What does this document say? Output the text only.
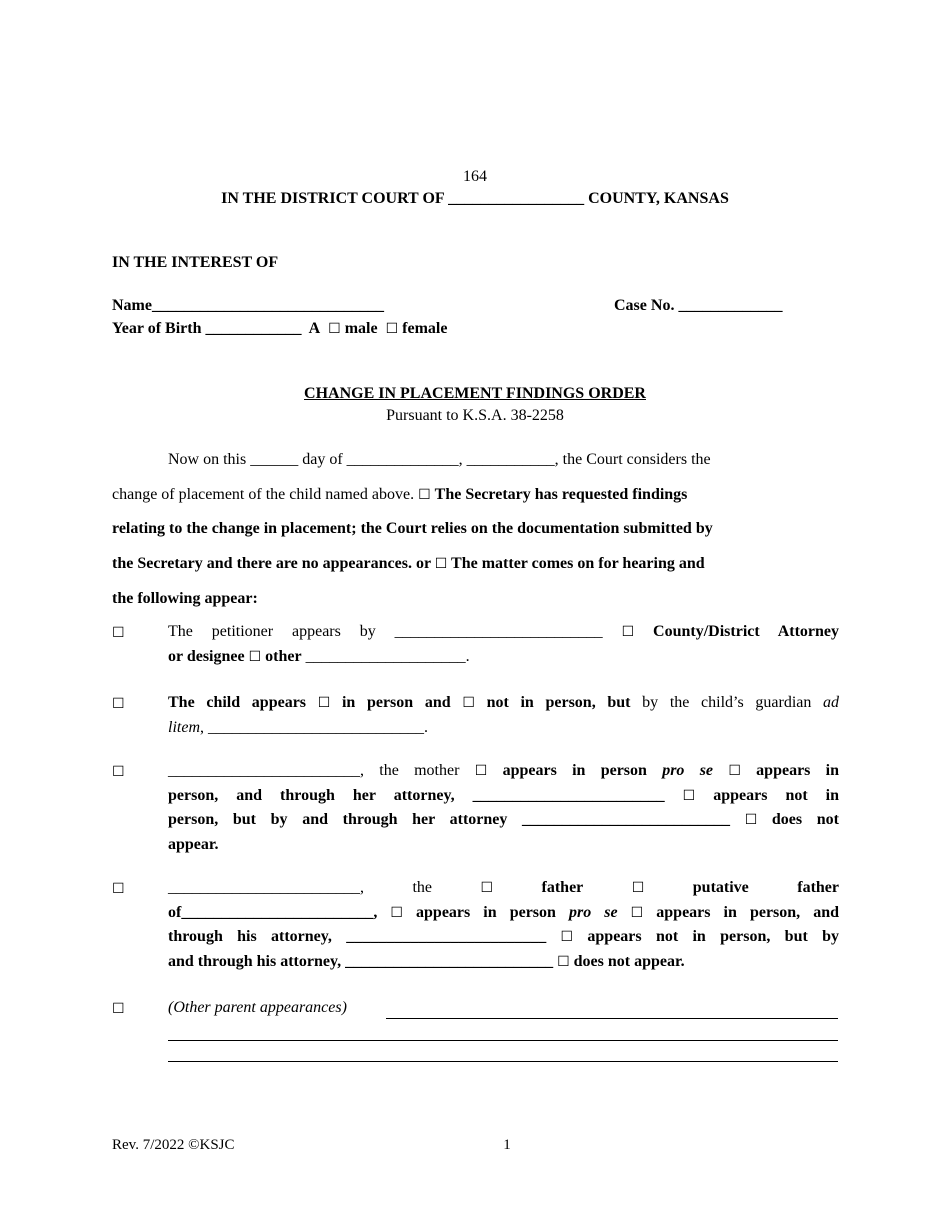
164
IN THE DISTRICT COURT OF _________________ COUNTY, KANSAS
IN THE INTEREST OF
Name_____________________________	Case No. _____________
Year of Birth ____________ A ☐ male ☐ female
CHANGE IN PLACEMENT FINDINGS ORDER
Pursuant to K.S.A. 38-2258
Now on this ______ day of ______________, ___________, the Court considers the
change of placement of the child named above. ☐ The Secretary has requested findings
relating to the change in placement; the Court relies on the documentation submitted by
the Secretary and there are no appearances. or ☐ The matter comes on for hearing and
the following appear:
☐	The petitioner appears by __________________________ ☐ County/District Attorney
or designee ☐ other ____________________.
☐	The child appears ☐ in person and ☐ not in person, but by the child’s guardian ad
litem, ___________________________.
☐	________________________, the mother ☐ appears in person pro se ☐ appears in
person, and through her attorney, ________________________ ☐ appears not in
person, but by and through her attorney __________________________ ☐ does not
appear.
☐	________________________,	the	☐	father	☐	putative	father
of________________________, ☐ appears in person pro se ☐ appears in person, and
through his attorney, _________________________ ☐ appears not in person, but by
and through his attorney, __________________________ ☐ does not appear.
☐	(Other parent appearances)
Rev. 7/2022 ©KSJC	1
